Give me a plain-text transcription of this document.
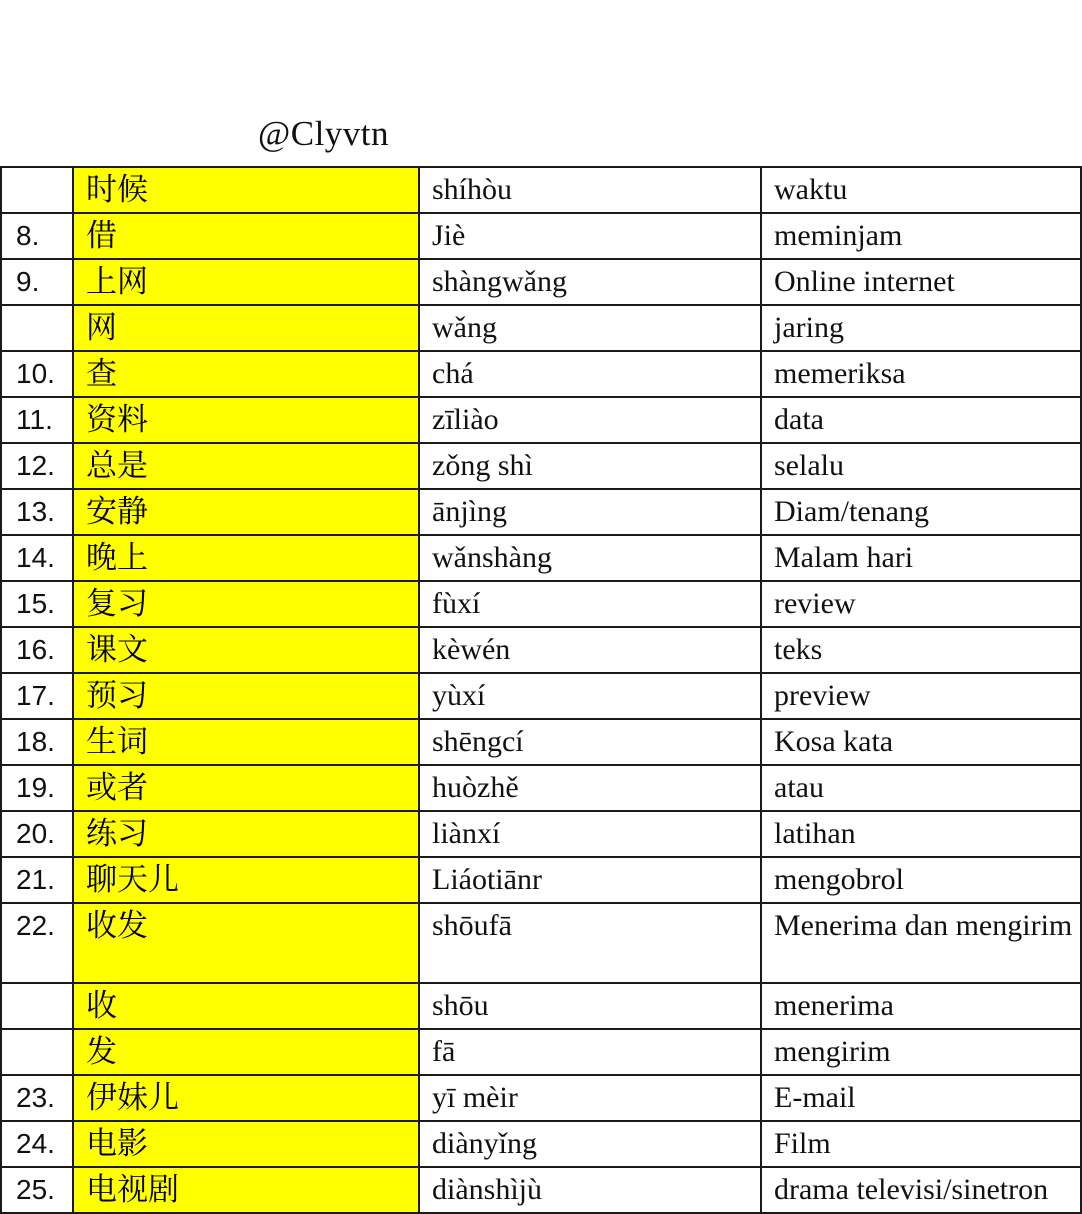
@Clyvtn
	时候	shíhòu	waktu
8.	借	Jiè	meminjam
9.	上网	shàngwǎng	Online internet
	网	wǎng	jaring
10.	查	chá	memeriksa
11.	资料	zīliào	data
12.	总是	zǒng shì	selalu
13.	安静	ānjìng	Diam/tenang
14.	晚上	wǎnshàng	Malam hari
15.	复习	fùxí	review
16.	课文	kèwén	teks
17.	预习	yùxí	preview
18.	生词	shēngcí	Kosa kata
19.	或者	huòzhě	atau
20.	练习	liànxí	latihan
21.	聊天儿	Liáotiānr	mengobrol
22.	收发	shōufā	Menerima dan mengirim
	收	shōu	menerima
	发	fā	mengirim
23.	伊妹儿	yī mèir	E-mail
24.	电影	diànyǐng	Film
25.	电视剧	diànshìjù	drama televisi/sinetron
